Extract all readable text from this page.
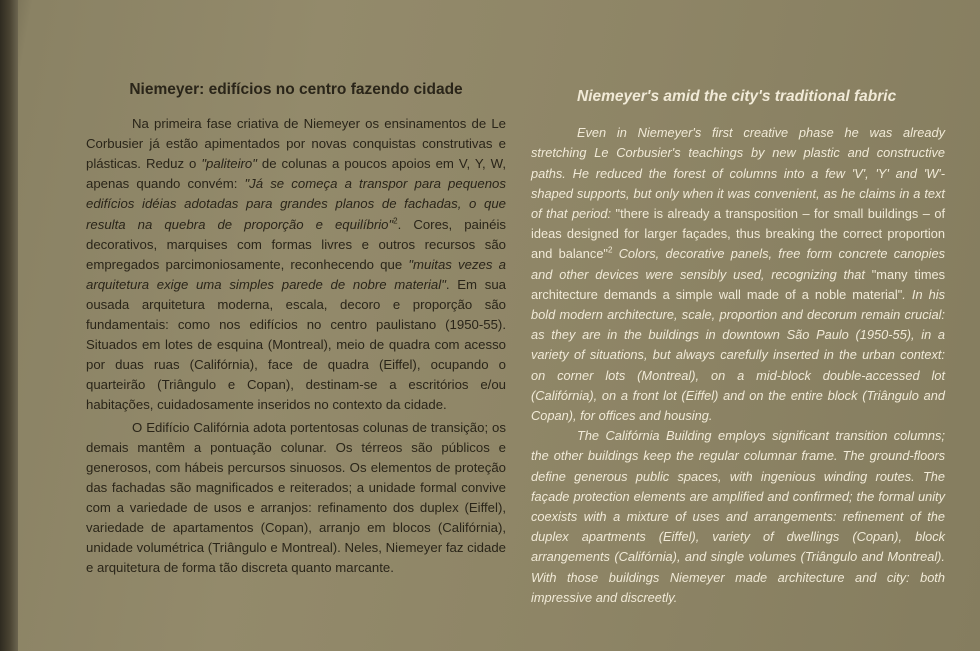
Niemeyer: edifícios no centro fazendo cidade

Na primeira fase criativa de Niemeyer os ensinamentos de Le Corbusier já estão apimentados por novas conquistas construtivas e plásticas. Reduz o "paliteiro" de colunas a poucos apoios em V, Y, W, apenas quando convém: "Já se começa a transpor para pequenos edifícios idéias adotadas para grandes planos de fachadas, o que resulta na quebra de proporção e equilíbrio"$^2$. Cores, painéis decorativos, marquises com formas livres e outros recursos são empregados parcimoniosamente, reconhecendo que "muitas vezes a arquitetura exige uma simples parede de nobre material". Em sua ousada arquitetura moderna, escala, decoro e proporção são fundamentais: como nos edifícios no centro paulistano (1950-55). Situados em lotes de esquina (Montreal), meio de quadra com acesso por duas ruas (Califórnia), face de quadra (Eiffel), ocupando o quarteirão (Triângulo e Copan), destinam-se a escritórios e/ou habitações, cuidadosamente inseridos no contexto da cidade.

O Edifício Califórnia adota portentosas colunas de transição; os demais mantêm a pontuação colunar. Os térreos são públicos e generosos, com hábeis percursos sinuosos. Os elementos de proteção das fachadas são magnificados e reiterados; a unidade formal convive com a variedade de usos e arranjos: refinamento dos duplex (Eiffel), variedade de apartamentos (Copan), arranjo em blocos (Califórnia), unidade volumétrica (Triângulo e Montreal). Neles, Niemeyer faz cidade e arquitetura de forma tão discreta quanto marcante.

Niemeyer's amid the city's traditional fabric

Even in Niemeyer's first creative phase he was already stretching Le Corbusier's teachings by new plastic and constructive paths. He reduced the forest of columns into a few 'V', 'Y' and 'W'-shaped supports, but only when it was convenient, as he claims in a text of that period: "there is already a transposition – for small buildings – of ideas designed for larger façades, thus breaking the correct proportion and balance"$^2$ Colors, decorative panels, free form concrete canopies and other devices were sensibly used, recognizing that "many times architecture demands a simple wall made of a noble material". In his bold modern architecture, scale, proportion and decorum remain crucial: as they are in the buildings in downtown São Paulo (1950-55), in a variety of situations, but always carefully inserted in the urban context: on corner lots (Montreal), on a mid-block double-accessed lot (Califórnia), on a front lot (Eiffel) and on the entire block (Triângulo and Copan), for offices and housing.

The Califórnia Building employs significant transition columns; the other buildings keep the regular columnar frame. The ground-floors define generous public spaces, with ingenious winding routes. The façade protection elements are amplified and confirmed; the formal unity coexists with a mixture of uses and arrangements: refinement of the duplex apartments (Eiffel), variety of dwellings (Copan), block arrangements (Califórnia), and single volumes (Triângulo and Montreal). With those buildings Niemeyer made architecture and city: both impressive and discreetly.
